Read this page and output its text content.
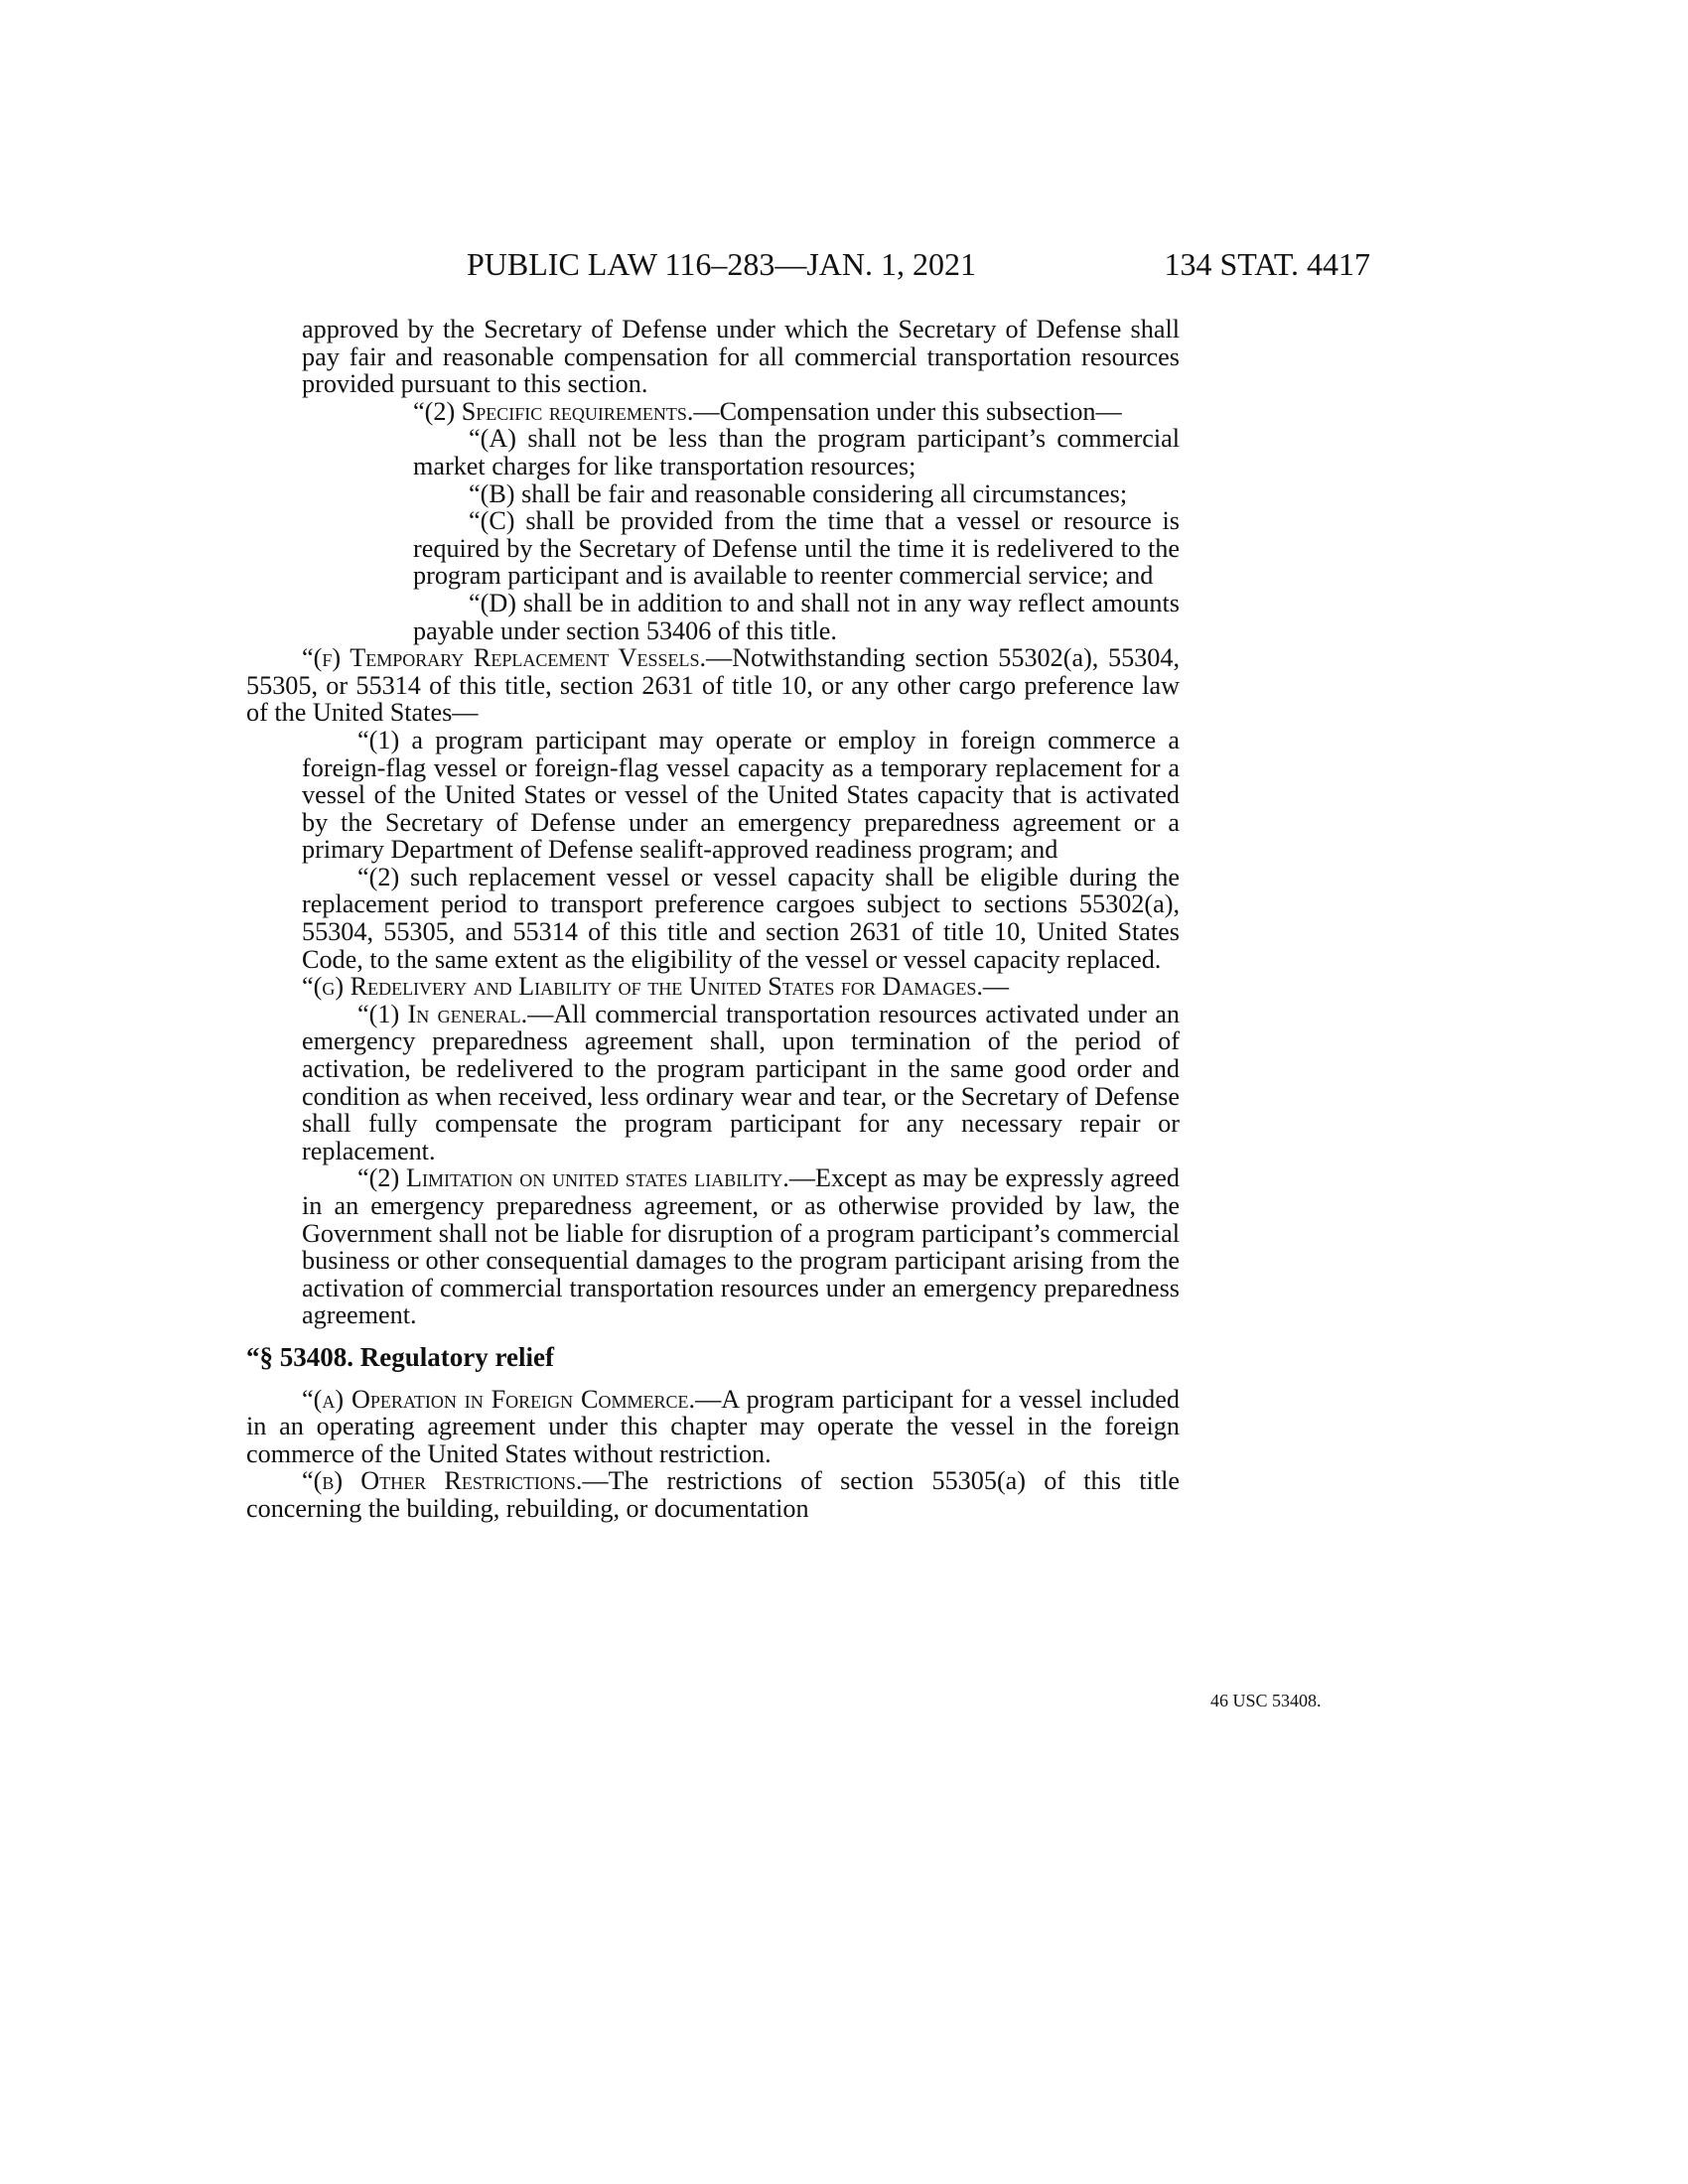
PUBLIC LAW 116–283—JAN. 1, 2021	134 STAT. 4417

approved by the Secretary of Defense under which the Secretary of Defense shall pay fair and reasonable compensation for all commercial transportation resources provided pursuant to this section.

“(2) Specific requirements.—Compensation under this subsection—

“(A) shall not be less than the program participant’s commercial market charges for like transportation resources;

“(B) shall be fair and reasonable considering all circumstances;

“(C) shall be provided from the time that a vessel or resource is required by the Secretary of Defense until the time it is redelivered to the program participant and is available to reenter commercial service; and

“(D) shall be in addition to and shall not in any way reflect amounts payable under section 53406 of this title.

“(f) Temporary Replacement Vessels.—Notwithstanding section 55302(a), 55304, 55305, or 55314 of this title, section 2631 of title 10, or any other cargo preference law of the United States—

“(1) a program participant may operate or employ in foreign commerce a foreign-flag vessel or foreign-flag vessel capacity as a temporary replacement for a vessel of the United States or vessel of the United States capacity that is activated by the Secretary of Defense under an emergency preparedness agreement or a primary Department of Defense sealift-approved readiness program; and

“(2) such replacement vessel or vessel capacity shall be eligible during the replacement period to transport preference cargoes subject to sections 55302(a), 55304, 55305, and 55314 of this title and section 2631 of title 10, United States Code, to the same extent as the eligibility of the vessel or vessel capacity replaced.

“(g) Redelivery and Liability of the United States for Damages.—

“(1) In general.—All commercial transportation resources activated under an emergency preparedness agreement shall, upon termination of the period of activation, be redelivered to the program participant in the same good order and condition as when received, less ordinary wear and tear, or the Secretary of Defense shall fully compensate the program participant for any necessary repair or replacement.

“(2) Limitation on united states liability.—Except as may be expressly agreed in an emergency preparedness agreement, or as otherwise provided by law, the Government shall not be liable for disruption of a program participant’s commercial business or other consequential damages to the program participant arising from the activation of commercial transportation resources under an emergency preparedness agreement.

“§ 53408. Regulatory relief

“(a) Operation in Foreign Commerce.—A program participant for a vessel included in an operating agreement under this chapter may operate the vessel in the foreign commerce of the United States without restriction.

“(b) Other Restrictions.—The restrictions of section 55305(a) of this title concerning the building, rebuilding, or documentation

46 USC 53408.
